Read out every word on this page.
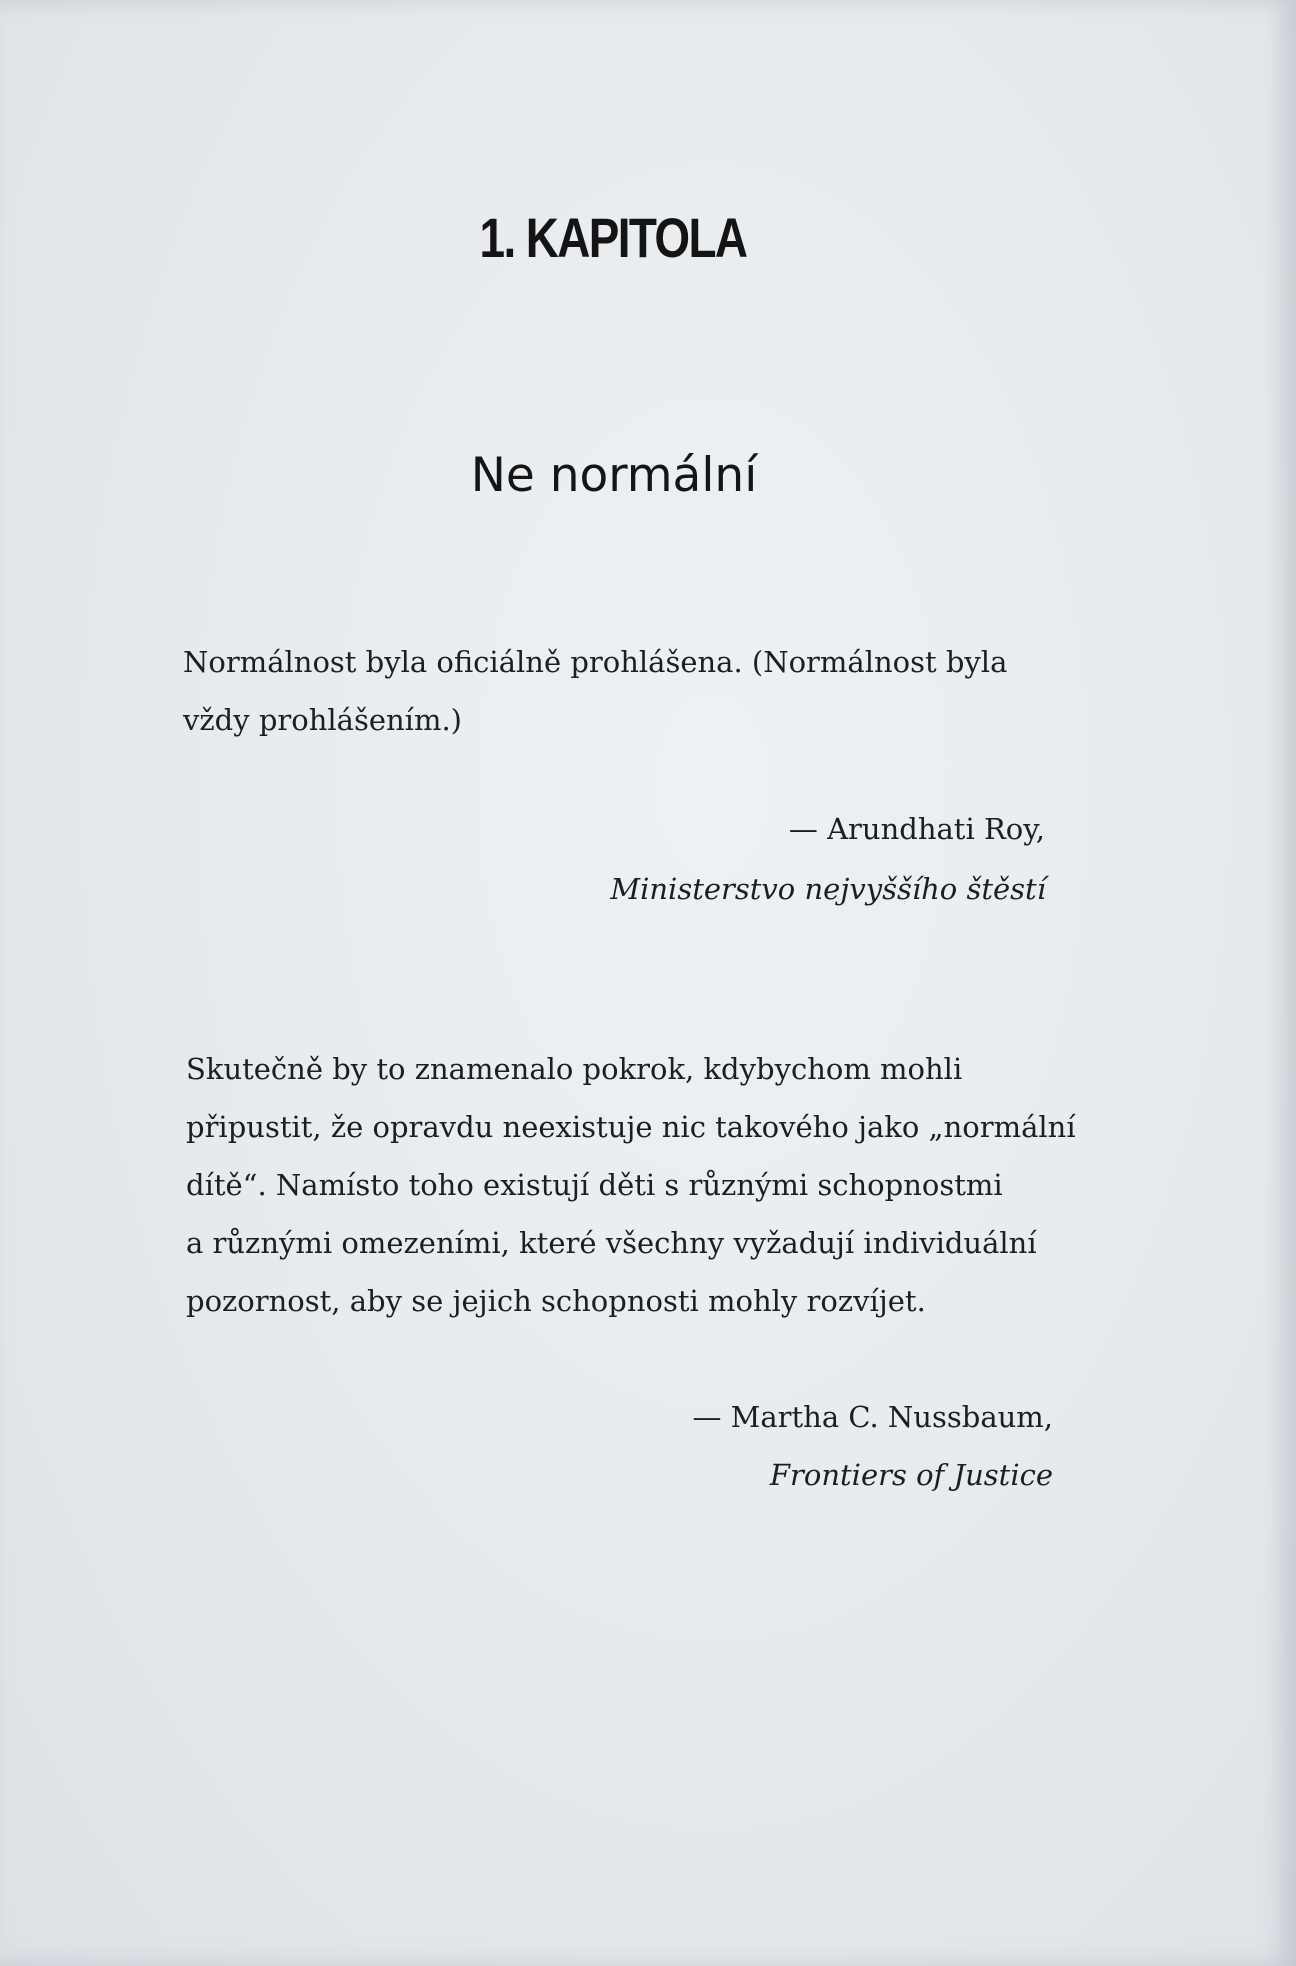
1. KAPITOLA
Ne normální
Normálnost byla oficiálně prohlášena. (Normálnost byla
vždy prohlášením.)
— Arundhati Roy,
Ministerstvo nejvyššího štěstí
Skutečně by to znamenalo pokrok, kdybychom mohli
připustit, že opravdu neexistuje nic takového jako „normální
dítě“. Namísto toho existují děti s různými schopnostmi
a různými omezeními, které všechny vyžadují individuální
pozornost, aby se jejich schopnosti mohly rozvíjet.
— Martha C. Nussbaum,
Frontiers of Justice
